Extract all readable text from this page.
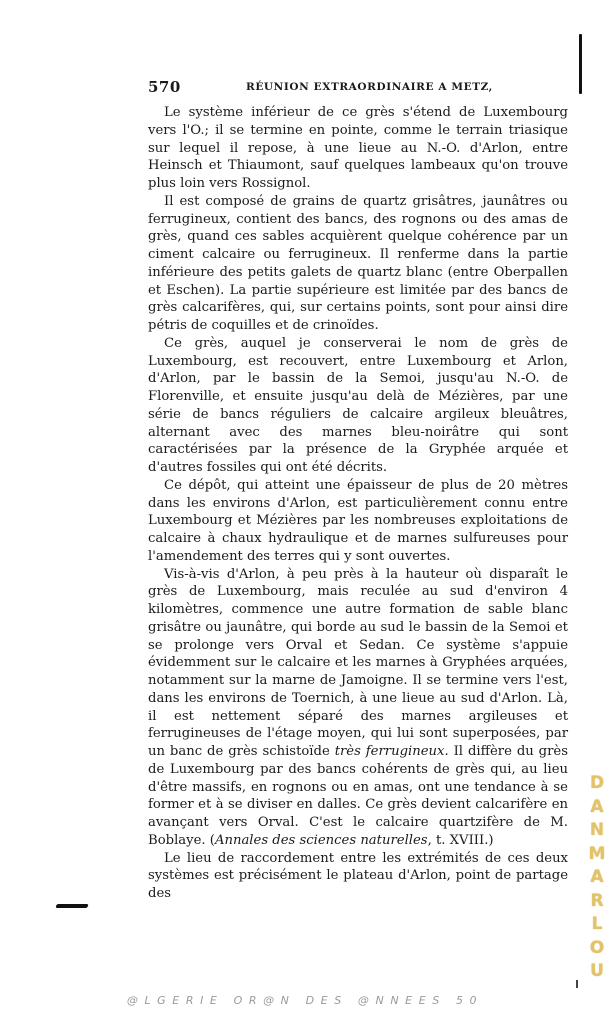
570	RÉUNION EXTRAORDINAIRE A METZ,

Le système inférieur de ce grès s'étend de Luxembourg vers l'O.; il se termine en pointe, comme le terrain triasique sur lequel il repose, à une lieue au N.-O. d'Arlon, entre Heinsch et Thiaumont, sauf quelques lambeaux qu'on trouve plus loin vers Rossignol.

Il est composé de grains de quartz grisâtres, jaunâtres ou ferrugineux, contient des bancs, des rognons ou des amas de grès, quand ces sables acquièrent quelque cohérence par un ciment calcaire ou ferrugineux. Il renferme dans la partie inférieure des petits galets de quartz blanc (entre Oberpallen et Eschen). La partie supérieure est limitée par des bancs de grès calcarifères, qui, sur certains points, sont pour ainsi dire pétris de coquilles et de crinoïdes.

Ce grès, auquel je conserverai le nom de grès de Luxembourg, est recouvert, entre Luxembourg et Arlon, d'Arlon, par le bassin de la Semoi, jusqu'au N.-O. de Florenville, et ensuite jusqu'au delà de Mézières, par une série de bancs réguliers de calcaire argileux bleuâtres, alternant avec des marnes bleu-noirâtre qui sont caractérisées par la présence de la Gryphée arquée et d'autres fossiles qui ont été décrits.

Ce dépôt, qui atteint une épaisseur de plus de 20 mètres dans les environs d'Arlon, est particulièrement connu entre Luxembourg et Mézières par les nombreuses exploitations de calcaire à chaux hydraulique et de marnes sulfureuses pour l'amendement des terres qui y sont ouvertes.

Vis-à-vis d'Arlon, à peu près à la hauteur où disparaît le grès de Luxembourg, mais reculée au sud d'environ 4 kilomètres, commence une autre formation de sable blanc grisâtre ou jaunâtre, qui borde au sud le bassin de la Semoi et se prolonge vers Orval et Sedan. Ce système s'appuie évidemment sur le calcaire et les marnes à Gryphées arquées, notamment sur la marne de Jamoigne. Il se termine vers l'est, dans les environs de Toernich, à une lieue au sud d'Arlon. Là, il est nettement séparé des marnes argileuses et ferrugineuses de l'étage moyen, qui lui sont superposées, par un banc de grès schistoïde très ferrugineux. Il diffère du grès de Luxembourg par des bancs cohérents de grès qui, au lieu d'être massifs, en rognons ou en amas, ont une tendance à se former et à se diviser en dalles. Ce grès devient calcarifère en avançant vers Orval. C'est le calcaire quartzifère de M. Boblaye. (Annales des sciences naturelles, t. XVIII.)

Le lieu de raccordement entre les extrémités de ces deux systèmes est précisément le plateau d'Arlon, point de partage des

D
A
N
M
A
R
L
O
U
@LGERIE OR@N DES @NNEES 50
